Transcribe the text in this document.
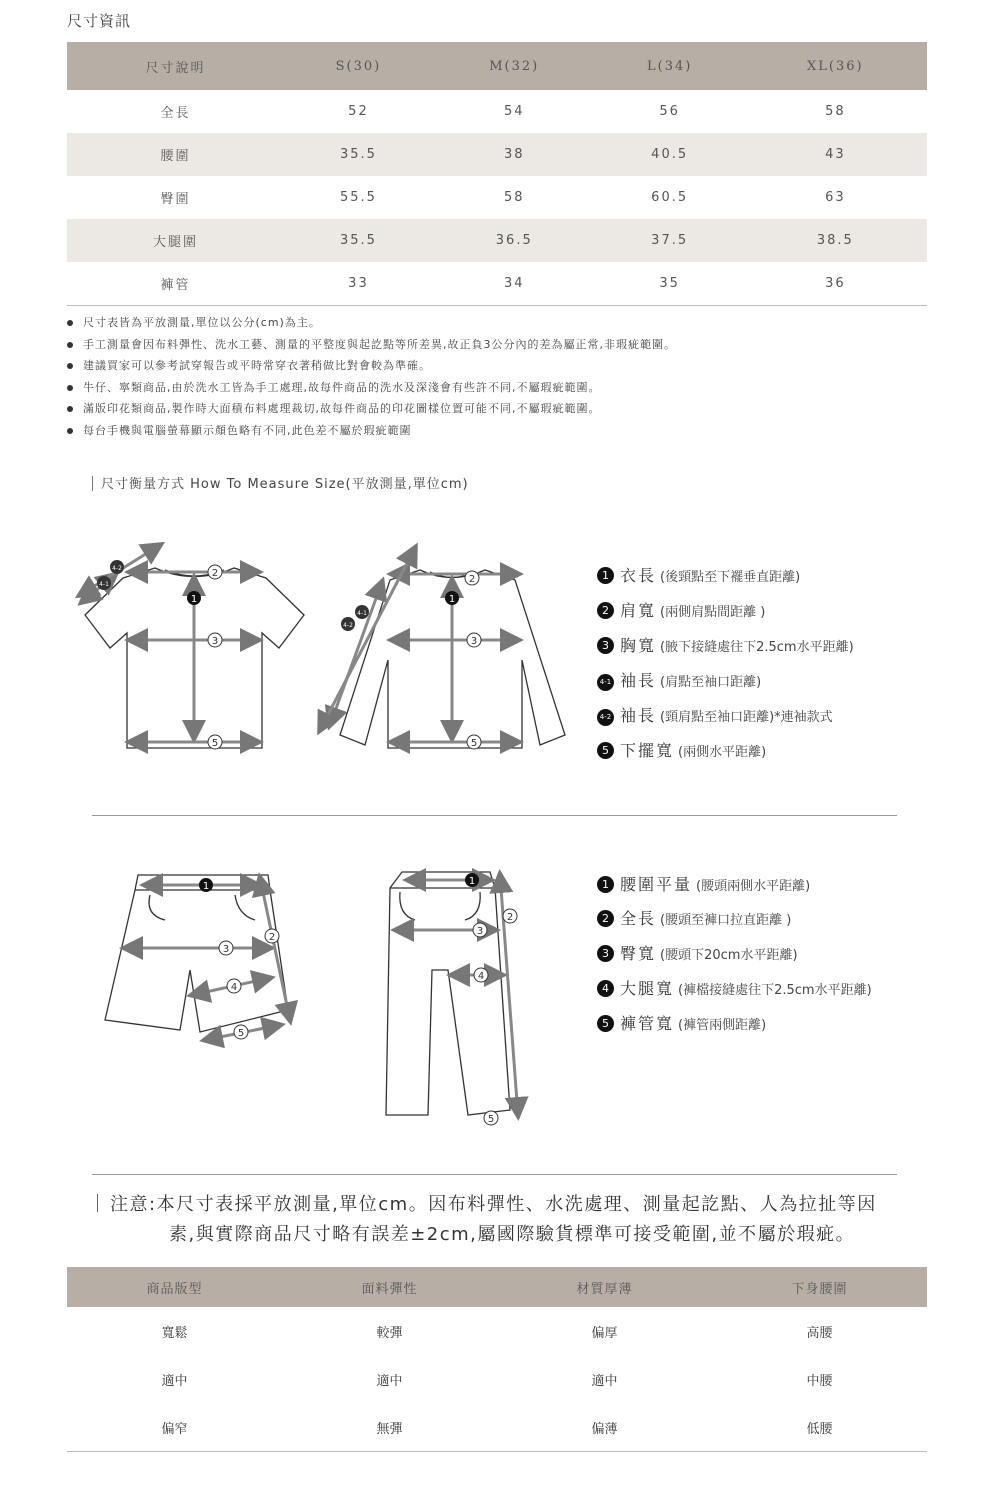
尺寸資訊
尺寸說明	S(30)	M(32)	L(34)	XL(36)
全長	52	54	56	58
腰圍	35.5	38	40.5	43
臀圍	55.5	58	60.5	63
大腿圍	35.5	36.5	37.5	38.5
褲管	33	34	35	36
尺寸表皆為平放測量,單位以公分(cm)為主。
手工測量會因布料彈性、洗水工藝、測量的平整度與起訖點等所差異,故正負3公分內的差為屬正常,非瑕疵範圍。
建議買家可以參考試穿報告或平時常穿衣著稍做比對會較為準確。
牛仔、寧類商品,由於洗水工皆為手工處理,故每件商品的洗水及深淺會有些許不同,不屬瑕疵範圍。
滿版印花類商品,製作時大面積布料處理裁切,故每件商品的印花圖樣位置可能不同,不屬瑕疵範圍。
每台手機與電腦螢幕顯示顏色略有不同,此色差不屬於瑕疵範圍
尺寸衡量方式 How To Measure Size(平放測量,單位cm)
4-2
4-1
2
1
3
5
2
1
4-1
4-2
3
5
1 衣長 (後頸點至下襬垂直距離)
2 肩寬 (兩側肩點間距離 )
3 胸寬 (腋下接縫處往下2.5cm水平距離)
4-1 袖長 (肩點至袖口距離)
4-2 袖長 (頸肩點至袖口距離)*連袖款式
5 下擺寬 (兩側水平距離)
1
3
2
4
5
1
2
3
4
5
1 腰圍平量 (腰頭兩側水平距離)
2 全長 (腰頭至褲口拉直距離 )
3 臀寬 (腰頭下20cm水平距離)
4 大腿寬 (褲檔接縫處往下2.5cm水平距離)
5 褲管寬 (褲管兩側距離)
注意:本尺寸表採平放測量,單位cm。因布料彈性、水洗處理、測量起訖點、人為拉扯等因
素,與實際商品尺寸略有誤差±2cm,屬國際驗貨標準可接受範圍,並不屬於瑕疵。
商品版型	面料彈性	材質厚薄	下身腰圍
寬鬆	較彈	偏厚	高腰
適中	適中	適中	中腰
偏窄	無彈	偏薄	低腰
